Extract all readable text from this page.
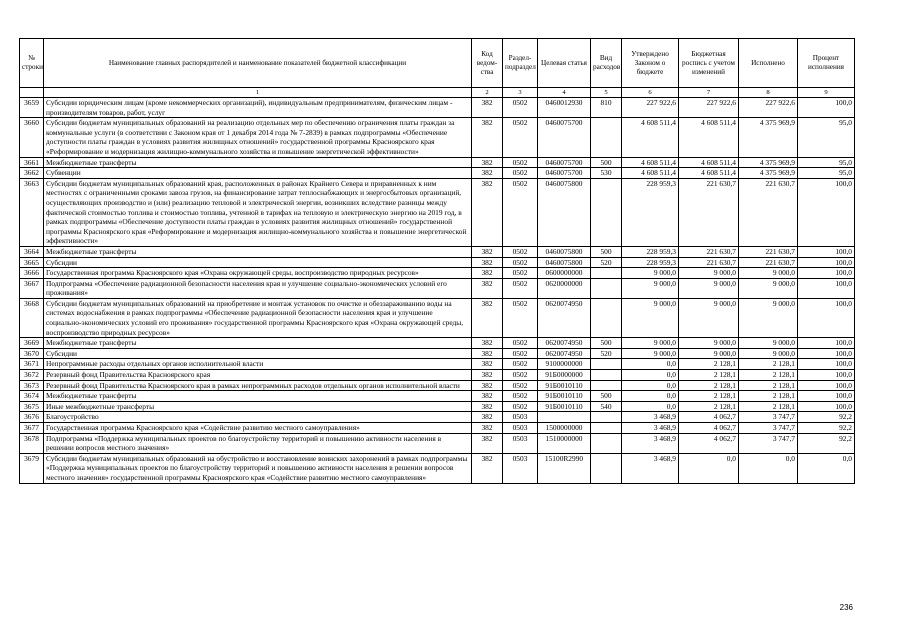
№ строки	Наименование главных распорядителей и наименование показателей бюджетной классификации	Код ведом-ства	Раздел-подраздел	Целевая статья	Вид расходов	Утверждено Законом о бюджете	Бюджетная роспись с учетом изменений	Исполнено	Процент исполнения
	1	2	3	4	5	6	7	8	9
3659	Субсидии юридическим лицам (кроме некоммерческих организаций), индивидуальным предпринимателям, физическим лицам - производителям товаров, работ, услуг	382	0502	0460012930	810	227 922,6	227 922,6	227 922,6	100,0
3660	Субсидии бюджетам муниципальных образований на реализацию отдельных мер по обеспечению ограничения платы граждан за коммунальные услуги (в соответствии с Законом края от 1 декабря 2014 года № 7-2839) в рамках подпрограммы «Обеспечение доступности платы граждан в условиях развития жилищных отношений» государственной программы Красноярского края «Реформирование и модернизация жилищно-коммунального хозяйства и повышение энергетической эффективности»	382	0502	0460075700		4 608 511,4	4 608 511,4	4 375 969,9	95,0
3661	Межбюджетные трансферты	382	0502	0460075700	500	4 608 511,4	4 608 511,4	4 375 969,9	95,0
3662	Субвенции	382	0502	0460075700	530	4 608 511,4	4 608 511,4	4 375 969,9	95,0
3663	Субсидии бюджетам муниципальных образований края, расположенных в районах Крайнего Севера и приравненных к ним местностях с ограниченными сроками завоза грузов, на финансирование затрат теплоснабжающих и энергосбытовых организаций, осуществляющих производство и (или) реализацию тепловой и электрической энергии, возникших вследствие разницы между фактической стоимостью топлива и стоимостью топлива, учтенной в тарифах на тепловую и электрическую энергию на 2019 год, в рамках подпрограммы «Обеспечение доступности платы граждан в условиях развития жилищных отношений» государственной программы Красноярского края «Реформирование и модернизация жилищно-коммунального хозяйства и повышение энергетической эффективности»	382	0502	0460075800		228 959,3	221 630,7	221 630,7	100,0
3664	Межбюджетные трансферты	382	0502	0460075800	500	228 959,3	221 630,7	221 630,7	100,0
3665	Субсидии	382	0502	0460075800	520	228 959,3	221 630,7	221 630,7	100,0
3666	Государственная программа Красноярского края «Охрана окружающей среды, воспроизводство природных ресурсов»	382	0502	0600000000		9 000,0	9 000,0	9 000,0	100,0
3667	Подпрограмма «Обеспечение радиационной безопасности населения края и улучшение социально-экономических условий его проживания»	382	0502	0620000000		9 000,0	9 000,0	9 000,0	100,0
3668	Субсидии бюджетам муниципальных образований на приобретение и монтаж установок по очистке и обеззараживанию воды на системах водоснабжения в рамках подпрограммы «Обеспечение радиационной безопасности населения края и улучшение социально-экономических условий его проживания» государственной программы Красноярского края «Охрана окружающей среды, воспроизводство природных ресурсов»	382	0502	0620074950		9 000,0	9 000,0	9 000,0	100,0
3669	Межбюджетные трансферты	382	0502	0620074950	500	9 000,0	9 000,0	9 000,0	100,0
3670	Субсидии	382	0502	0620074950	520	9 000,0	9 000,0	9 000,0	100,0
3671	Непрограммные расходы отдельных органов исполнительной власти	382	0502	9100000000		0,0	2 128,1	2 128,1	100,0
3672	Резервный фонд Правительства Красноярского края	382	0502	91Б0000000		0,0	2 128,1	2 128,1	100,0
3673	Резервный фонд Правительства Красноярского края в рамках непрограммных расходов отдельных органов исполнительной власти	382	0502	91Б0010110		0,0	2 128,1	2 128,1	100,0
3674	Межбюджетные трансферты	382	0502	91Б0010110	500	0,0	2 128,1	2 128,1	100,0
3675	Иные межбюджетные трансферты	382	0502	91Б0010110	540	0,0	2 128,1	2 128,1	100,0
3676	Благоустройство	382	0503			3 468,9	4 062,7	3 747,7	92,2
3677	Государственная программа Красноярского края «Содействие развитию местного самоуправления»	382	0503	1500000000		3 468,9	4 062,7	3 747,7	92,2
3678	Подпрограмма «Поддержка муниципальных проектов по благоустройству территорий и повышению активности населения в решении вопросов местного значения»	382	0503	1510000000		3 468,9	4 062,7	3 747,7	92,2
3679	Субсидии бюджетам муниципальных образований на обустройство и восстановление воинских захоронений в рамках подпрограммы «Поддержка муниципальных проектов по благоустройству территорий и повышению активности населения в решении вопросов местного значения» государственной программы Красноярского края «Содействие развитию местного самоуправления»	382	0503	15100R2990		3 468,9	0,0	0,0	0,0
236
